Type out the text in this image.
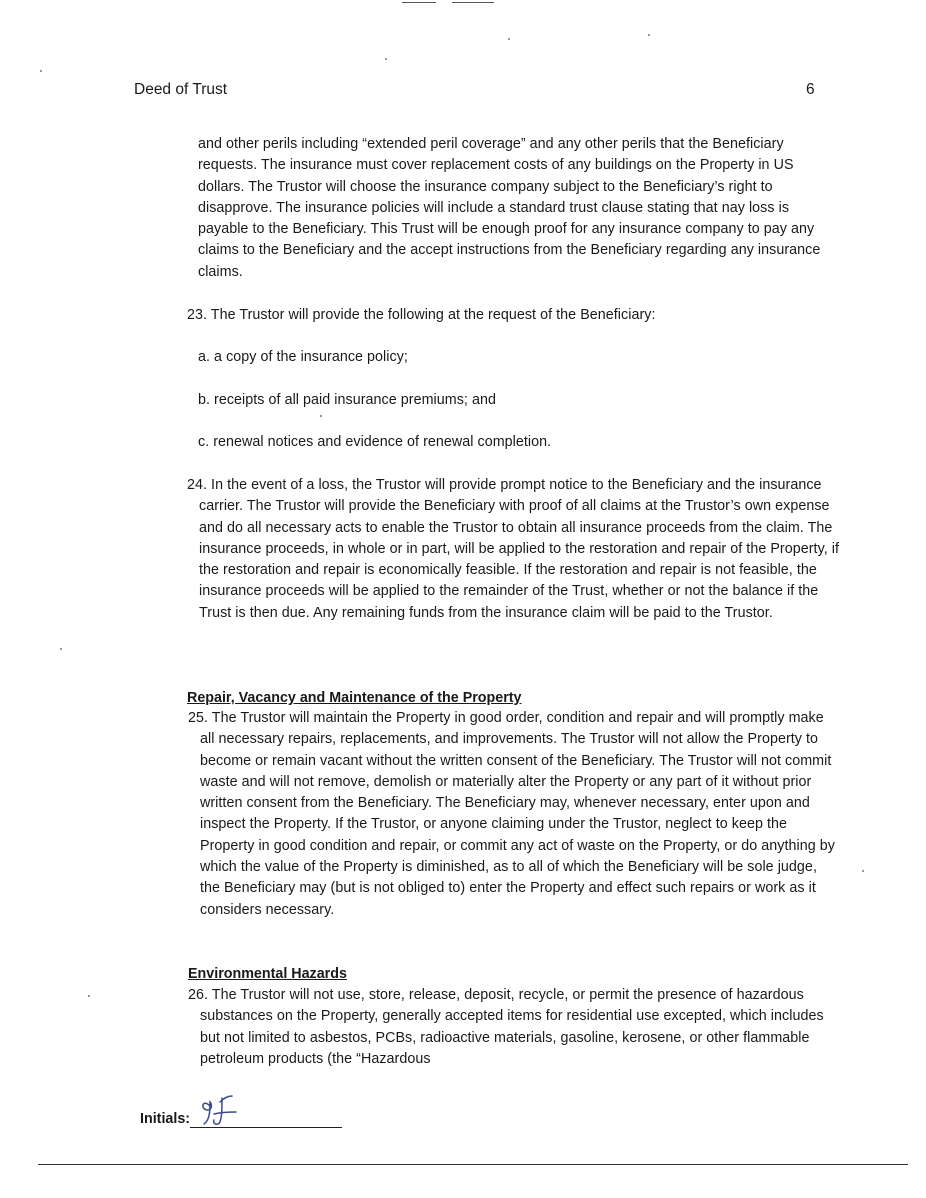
Deed of Trust	6

and other perils including “extended peril coverage” and any other perils that the Beneficiary requests. The insurance must cover replacement costs of any buildings on the Property in US dollars. The Trustor will choose the insurance company subject to the Beneficiary’s right to disapprove. The insurance policies will include a standard trust clause stating that nay loss is payable to the Beneficiary. This Trust will be enough proof for any insurance company to pay any claims to the Beneficiary and the accept instructions from the Beneficiary regarding any insurance claims.

23. The Trustor will provide the following at the request of the Beneficiary:

a. a copy of the insurance policy;

b. receipts of all paid insurance premiums; and

c. renewal notices and evidence of renewal completion.

24. In the event of a loss, the Trustor will provide prompt notice to the Beneficiary and the insurance carrier. The Trustor will provide the Beneficiary with proof of all claims at the Trustor’s own expense and do all necessary acts to enable the Trustor to obtain all insurance proceeds from the claim. The insurance proceeds, in whole or in part, will be applied to the restoration and repair of the Property, if the restoration and repair is economically feasible. If the restoration and repair is not feasible, the insurance proceeds will be applied to the remainder of the Trust, whether or not the balance if the Trust is then due. Any remaining funds from the insurance claim will be paid to the Trustor.

Repair, Vacancy and Maintenance of the Property

25. The Trustor will maintain the Property in good order, condition and repair and will promptly make all necessary repairs, replacements, and improvements. The Trustor will not allow the Property to become or remain vacant without the written consent of the Beneficiary. The Trustor will not commit waste and will not remove, demolish or materially alter the Property or any part of it without prior written consent from the Beneficiary. The Beneficiary may, whenever necessary, enter upon and inspect the Property. If the Trustor, or anyone claiming under the Trustor, neglect to keep the Property in good condition and repair, or commit any act of waste on the Property, or do anything by which the value of the Property is diminished, as to all of which the Beneficiary will be sole judge, the Beneficiary may (but is not obliged to) enter the Property and effect such repairs or work as it considers necessary.

Environmental Hazards

26. The Trustor will not use, store, release, deposit, recycle, or permit the presence of hazardous substances on the Property, generally accepted items for residential use excepted, which includes but not limited to asbestos, PCBs, radioactive materials, gasoline, kerosene, or other flammable petroleum products (the “Hazardous

Initials:
